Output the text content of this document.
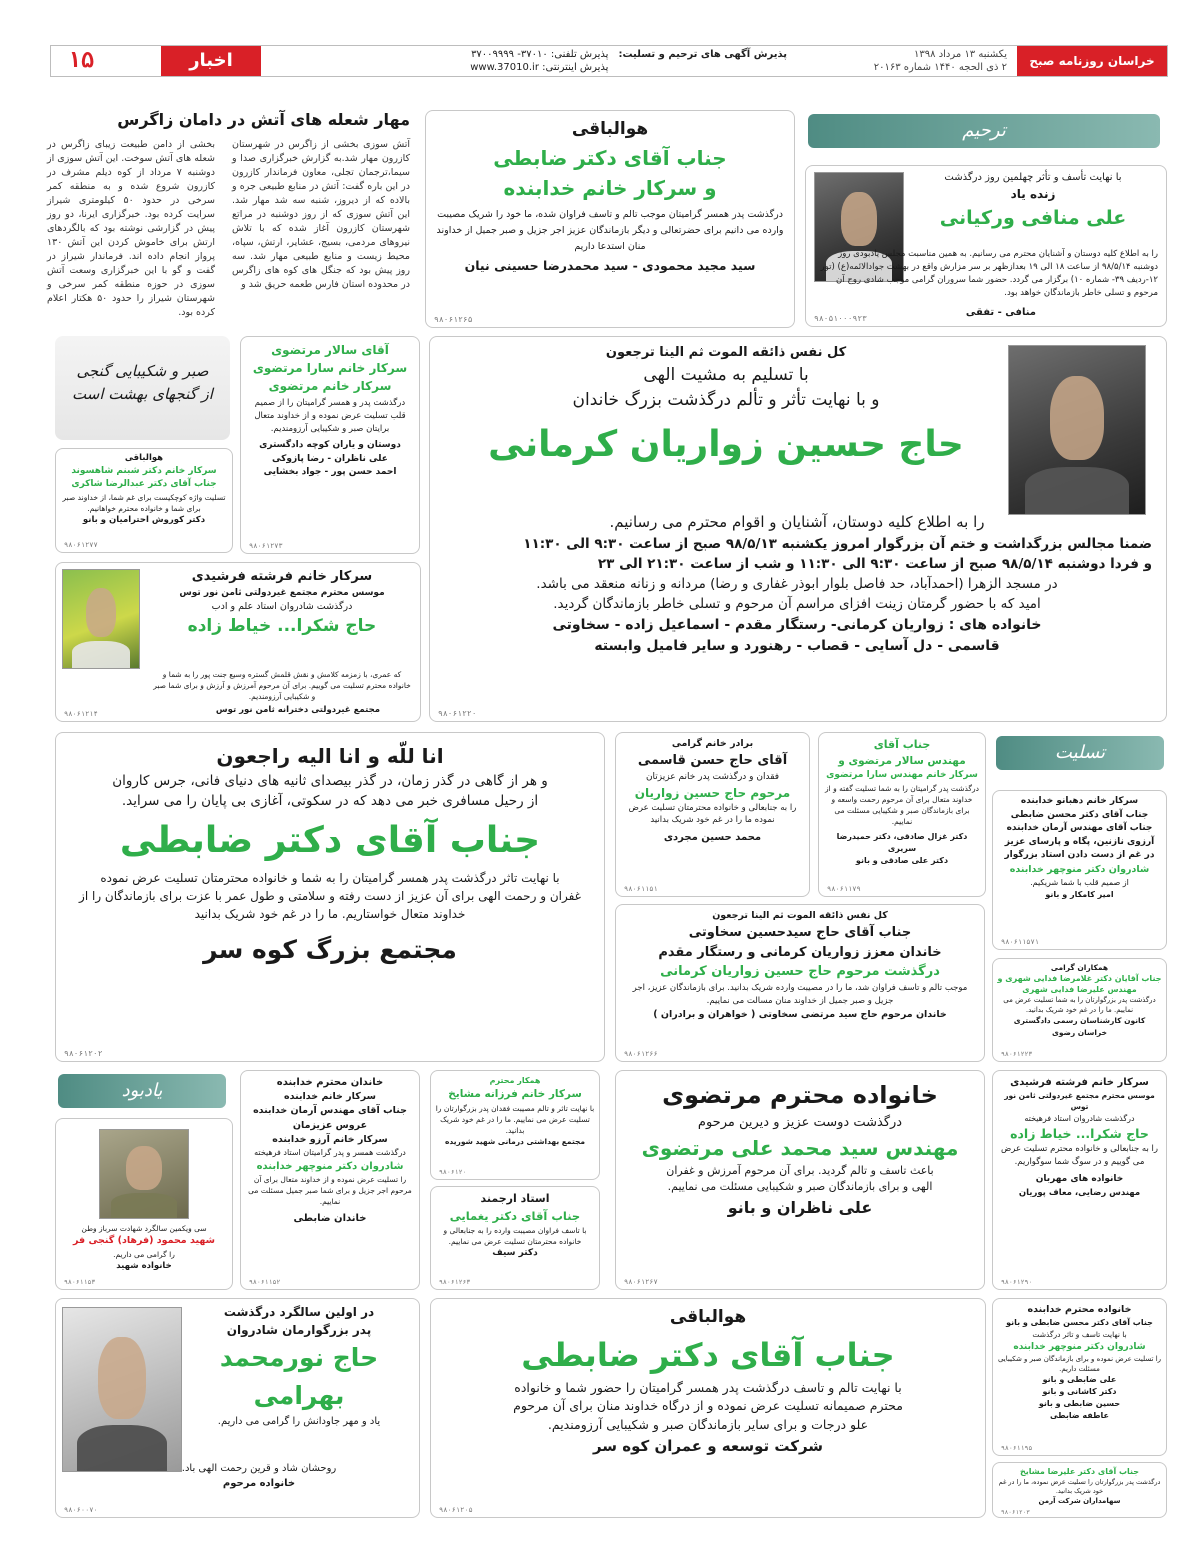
خراسان روزنامه صبح ایران
یکشنبه ۱۳ مرداد ۱۳۹۸
۲ ذی الحجه ۱۴۴۰ شماره ۲۰۱۶۳
پذیرش آگهی های ترحیم و تسلیت:
پذیرش تلفنی: ۳۷۰۱۰- ۳۷۰۰۹۹۹۹
پذیرش اینترنتی: www.37010.ir
اخبار
۱۵
مهار شعله های آتش در دامان زاگرس
آتش سوزی بخشی از زاگرس در شهرستان کازرون مهار شد.به گزارش خبرگزاری صدا و سیما،ترجمان تجلی، معاون فرماندار کازرون در این باره گفت: آتش در منابع طبیعی جره و بالاده که از دیروز، شنبه سه شد مهار شد. این آتش سوزی که از روز دوشنبه در مراتع شهرستان کازرون آغاز شده که با تلاش نیروهای مردمی، بسیج، عشایر، ارتش، سپاه، محیط زیست و منابع طبیعی مهار شد. سه روز پیش بود که جنگل های کوه های زاگرس در محدوده استان فارس طعمه حریق شد و
بخشی از دامن طبیعت زیبای زاگرس در شعله های آتش سوخت. این آتش سوزی از دوشنبه ۷ مرداد از کوه دیلم مشرف در کازرون شروع شده و به منطقه کمر سرخی در حدود ۵۰ کیلومتری شیراز سرایت کرده بود. خبرگزاری ایرنا، دو روز پیش در گزارشی نوشته بود که بالگردهای ارتش برای خاموش کردن این آتش ۱۳۰ پرواز انجام داده اند. فرماندار شیراز در گفت و گو با این خبرگزاری وسعت آتش سوزی در حوزه منطقه کمر سرخی و شهرستان شیراز را حدود ۵۰ هکتار اعلام کرده بود.
ترحیم
با نهایت تأسف و تأثر چهلمین روز درگذشت
زنده یاد
علی منافی ورکیانی
را به اطلاع کلیه دوستان و آشنایان محترم می رسانیم. به همین مناسبت مجلس یادبودی روز دوشنبه ۹۸/۵/۱۴ از ساعت ۱۸ الی ۱۹ بعدازظهر بر سر مزارش واقع در بهشت جوادالائمه(ع) (تور ۱۲-ردیف ۳۹- شماره ۱۰) برگزار می گردد. حضور شما سروران گرامی موجب شادی روح آن مرحوم و تسلی خاطر بازماندگان خواهد بود.
منافی - تفقی
۹۸۰۵۱۰۰۰۹۲۳
هوالباقی
جناب آقای دکتر ضابطی
و سرکار خانم خدابنده
درگذشت پدر همسر گرامیتان موجب تالم و تاسف فراوان شده، ما خود را شریک مصیبت وارده می دانیم برای حضرتعالی و دیگر بازماندگان عزیز اجر جزیل و صبر جمیل از خداوند منان استدعا داریم
سید مجید محمودی - سید محمدرضا حسینی نیان
۹۸۰۶۱۲۶۵
صبر و شکیبایی گنجی
از گنجهای بهشت است
هوالباقی
سرکار خانم دکتر شبنم شاهسوند
جناب آقای دکتر عبدالرضا شاکری
تسلیت واژه کوچکیست برای غم شما، از خداوند صبر برای شما و خانواده محترم خواهانیم.
دکتر کوروش احتراميان و بانو
۹۸۰۶۱۲۷۷
آقای سالار مرتضوی
سرکار خانم سارا مرتضوی
سرکار خانم مرتضوی
درگذشت پدر و همسر گرامیتان را از صمیم قلب تسلیت عرض نموده و از خداوند متعال برایتان صبر و شکیبایی آرزومندیم.
دوستان و یاران کوچه دادگستری
علی ناظران - رضا پازوکی
احمد حسن پور - جواد بخشایی
۹۸۰۶۱۲۷۳
سرکار خانم فرشته فرشیدی
موسس محترم مجتمع غیردولتی ثامن نور توس
درگذشت شادروان استاد علم و ادب
حاج شکرا... خیاط زاده
که عمری، با زمزمه کلامش و نقش قلمش گستره وسیع جنت پور را به شما و خانواده محترم تسلیت می گوییم. برای آن مرحوم آمرزش و آرزش و برای شما صبر و شکیبایی آرزومندیم.
مجتمع غیردولتی دخترانه ثامن نور توس
۹۸۰۶۱۲۱۴
کل نفس ذائقه الموت ثم الینا ترجعون
با تسلیم به مشیت الهی
و با نهایت تأثر و تألم درگذشت بزرگ خاندان
حاج حسین زواریان کرمانی
را به اطلاع کلیه دوستان، آشنایان و اقوام محترم می رسانیم.
ضمنا مجالس بزرگداشت و ختم آن بزرگوار امروز یکشنبه ۹۸/۵/۱۳ صبح از ساعت ۹:۳۰ الی ۱۱:۳۰
و فردا دوشنبه ۹۸/۵/۱۴ صبح از ساعت ۹:۳۰ الی ۱۱:۳۰ و شب از ساعت ۲۱:۳۰ الی ۲۳
در مسجد الزهرا (احمدآباد، حد فاصل بلوار ابوذر غفاری و رضا) مردانه و زنانه منعقد می باشد.
امید که با حضور گرمتان زینت افزای مراسم آن مرحوم و تسلی خاطر بازماندگان گردید.
خانواده های : زواریان کرمانی- رستگار مقدم - اسماعیل زاده - سخاوتی
قاسمی - دل آسایی - قصاب - رهنورد و سایر فامیل وابسته
۹۸۰۶۱۲۲۰
انا للّه و انا الیه راجعون
و هر از گاهی در گذر زمان، در گذر بیصدای ثانیه های دنیای فانی، جرس کاروان
از رحیل مسافری خبر می دهد که در سکوتی، آغازی بی پایان را می سراید.
جناب آقای دکتر ضابطی
با نهایت تاثر درگذشت پدر همسر گرامیتان را به شما و خانواده محترمتان تسلیت عرض نموده
غفران و رحمت الهی برای آن عزیز از دست رفته و سلامتی و طول عمر با عزت برای بازماندگان را از
خداوند متعال خواستاریم. ما را در غم خود شریک بدانید
مجتمع بزرگ کوه سر
۹۸۰۶۱۲۰۲
برادر خانم گرامی
آقای حاج حسن قاسمی
فقدان و درگذشت پدر خانم عزیزتان
مرحوم حاج حسین زواریان
را به جنابعالی و خانواده محترمتان تسلیت عرض نموده ما را در غم خود شریک بدانید
محمد حسین مجردی
۹۸۰۶۱۱۵۱
جناب آقای
مهندس سالار مرتضوی و
سرکار خانم مهندس سارا مرتضوی
درگذشت پدر گرامیتان را به شما تسلیت گفته و از خداوند متعال برای آن مرحوم رحمت واسعه و برای بازماندگان صبر و شکیبایی مسئلت می نماییم.
دکتر غزال صادقی، دکتر حمیدرضا سریری
دکتر علی صادقی و بانو
۹۸۰۶۱۱۷۹
کل نفس ذائقه الموت ثم الینا ترجعون
جناب آقای حاج سیدحسین سخاوتی
خاندان معزز زواریان کرمانی و رستگار مقدم
درگذشت مرحوم حاج حسین زواریان کرمانی
موجب تالم و تاسف فراوان شد، ما را در مصیبت وارده شریک بدانید. برای بازماندگان عزیز، اجر جزیل و صبر جمیل از خداوند منان مسالت می نماییم.
خاندان مرحوم حاج سید مرتضی سخاوتی ( خواهران و برادران )
۹۸۰۶۱۲۶۶
تسلیت
سرکار خانم دهبانو خدابنده
جناب آقای دکتر محسن ضابطی
جناب آقای مهندس آرمان خدابنده
آرزوی نازنین، پگاه و پارسای عزیز
در غم از دست دادن استاد بزرگوار
شادروان دکتر منوچهر خدابنده
از صمیم قلب با شما شریکیم.
امیر کامکار و بانو
۹۸۰۶۱۱۵۷۱
همکاران گرامی
جناب آقایان دکتر غلامرضا فدایی شهری و مهندس علیرضا فدایی شهری
درگذشت پدر بزرگوارتان را به شما تسلیت عرض می نماییم. ما را در غم خود شریک بدانید.
کانون کارشناسان رسمی دادگستری
خراسان رضوی
۹۸۰۶۱۲۲۳
یادبود
سی ویکمین سالگرد شهادت سرباز وطن
شهید محمود (فرهاد) گنجی فر
را گرامی می داریم.
خانواده شهید
۹۸۰۶۱۱۵۳
خاندان محترم خدابنده
سرکار خانم خدابنده
جناب آقای مهندس آرمان خدابنده
عروس عزیزمان
سرکار خانم آرزو خدابنده
درگذشت همسر و پدر گرامیتان استاد فرهیخته
شادروان دکتر منوچهر خدابنده
را تسلیت عرض نموده و از خداوند متعال برای آن مرحوم اجر جزیل و برای شما صبر جمیل مسئلت می نماییم.
خاندان ضابطی
۹۸۰۶۱۱۵۲
همکار محترم
سرکار خانم فرزانه مشایخ
با نهایت تاثر و تالم مصیبت فقدان پدر بزرگوارتان را تسلیت عرض می نماییم. ما را در غم خود شریک بدانید.
مجتمع بهداشتی درمانی شهید شوریده
۹۸۰۶۱۲۰
استاد ارجمند
جناب آقای دکتر یغمایی
با تاسف فراوان مصیبت وارده را به جنابعالی و خانواده محترمتان تسلیت عرض می نماییم.
دکتر سیف
۹۸۰۶۱۲۶۳
خانواده محترم مرتضوی
درگذشت دوست عزیز و دیرین مرحوم
مهندس سید محمد علی مرتضوی
باعث تاسف و تالم گردید. برای آن مرحوم آمرزش و غفران
الهی و برای بازماندگان صبر و شکیبایی مسئلت می نماییم.
علی ناظران و بانو
۹۸۰۶۱۲۶۷
سرکار خانم فرشته فرشیدی
موسس محترم مجتمع غیردولتی ثامن نور توس
درگذشت شادروان استاد فرهیخته
حاج شکرا... خیاط زاده
را به جنابعالی و خانواده محترم تسلیت عرض می گوییم و در سوگ شما سوگواریم.
خانواده های مهربان
مهندس رضایی، معاف پوریان
۹۸۰۶۱۲۹۰
در اولین سالگرد درگذشت
پدر بزرگوارمان شادروان
حاج نورمحمد
بهرامی
یاد و مهر جاودانش را گرامی می داریم.
روحشان شاد و قرین رحمت الهی باد.
خانواده مرحوم
۹۸۰۶۰۰۷۰
هوالباقی
جناب آقای دکتر ضابطی
با نهایت تالم و تاسف درگذشت پدر همسر گرامیتان را حضور شما و خانواده
محترم صمیمانه تسلیت عرض نموده و از درگاه خداوند منان برای آن مرحوم
علو درجات و برای سایر بازماندگان صبر و شکیبایی آرزومندیم.
شرکت توسعه و عمران کوه سر
۹۸۰۶۱۲۰۵
خانواده محترم خدابنده
جناب آقای دکتر محسن ضابطی و بانو
با نهایت تاسف و تاثر درگذشت
شادروان دکتر منوچهر خدابنده
را تسلیت عرض نموده و برای بازماندگان صبر و شکیبایی مسئلت داریم.
علی ضابطی و بانو
دکتر کاشانی و بانو
حسین ضابطی و بانو
عاطفه ضابطی
۹۸۰۶۱۱۹۵
جناب آقای دکتر علیرضا مشایخ
درگذشت پدر بزرگوارتان را تسلیت عرض نموده، ما را در غم خود شریک بدانید.
سهامداران شرکت آرمن
۹۸۰۶۱۲۰۳
